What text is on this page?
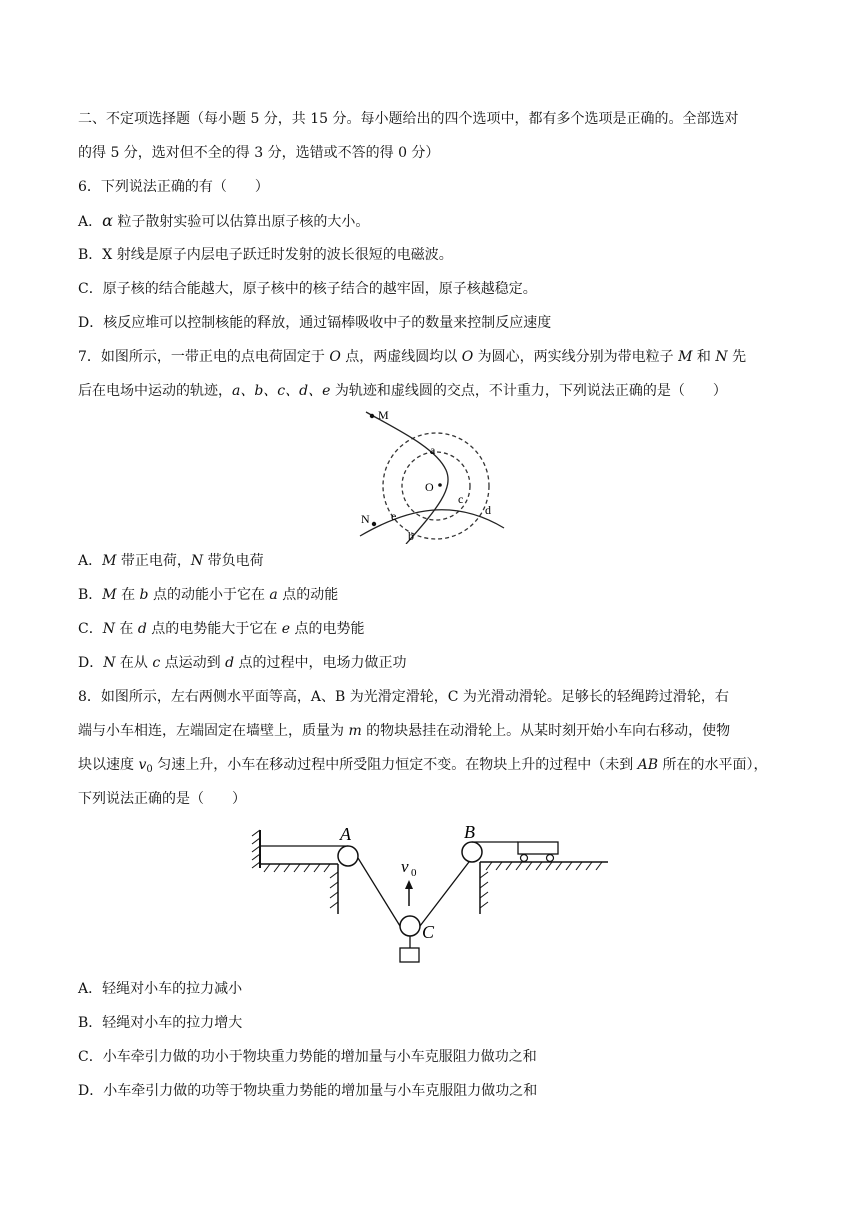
二、不定项选择题（每小题 5 分，共 15 分。每小题给出的四个选项中，都有多个选项是正确的。全部选对
的得 5 分，选对但不全的得 3 分，选错或不答的得 0 分）
6．下列说法正确的有（　　）
A．α 粒子散射实验可以估算出原子核的大小。
B．X 射线是原子内层电子跃迁时发射的波长很短的电磁波。
C．原子核的结合能越大，原子核中的核子结合的越牢固，原子核越稳定。
D．核反应堆可以控制核能的释放，通过镉棒吸收中子的数量来控制反应速度
7．如图所示，一带正电的点电荷固定于 O 点，两虚线圆均以 O 为圆心，两实线分别为带电粒子 M 和 N 先
后在电场中运动的轨迹，a、b、c、d、e 为轨迹和虚线圆的交点，不计重力，下列说法正确的是（　　）
M
N
O
a
b
c
d
e
A．M 带正电荷，N 带负电荷
B．M 在 b 点的动能小于它在 a 点的动能
C．N 在 d 点的电势能大于它在 e 点的电势能
D．N 在从 c 点运动到 d 点的过程中，电场力做正功
8．如图所示，左右两侧水平面等高，A、B 为光滑定滑轮，C 为光滑动滑轮。足够长的轻绳跨过滑轮，右
端与小车相连，左端固定在墙壁上，质量为 m 的物块悬挂在动滑轮上。从某时刻开始小车向右移动，使物
块以速度 $v_0$ 匀速上升，小车在移动过程中所受阻力恒定不变。在物块上升的过程中（未到 AB 所在的水平面），
下列说法正确的是（　　）
A	B
C
v 0
A．轻绳对小车的拉力减小
B．轻绳对小车的拉力增大
C．小车牵引力做的功小于物块重力势能的增加量与小车克服阻力做功之和
D．小车牵引力做的功等于物块重力势能的增加量与小车克服阻力做功之和
